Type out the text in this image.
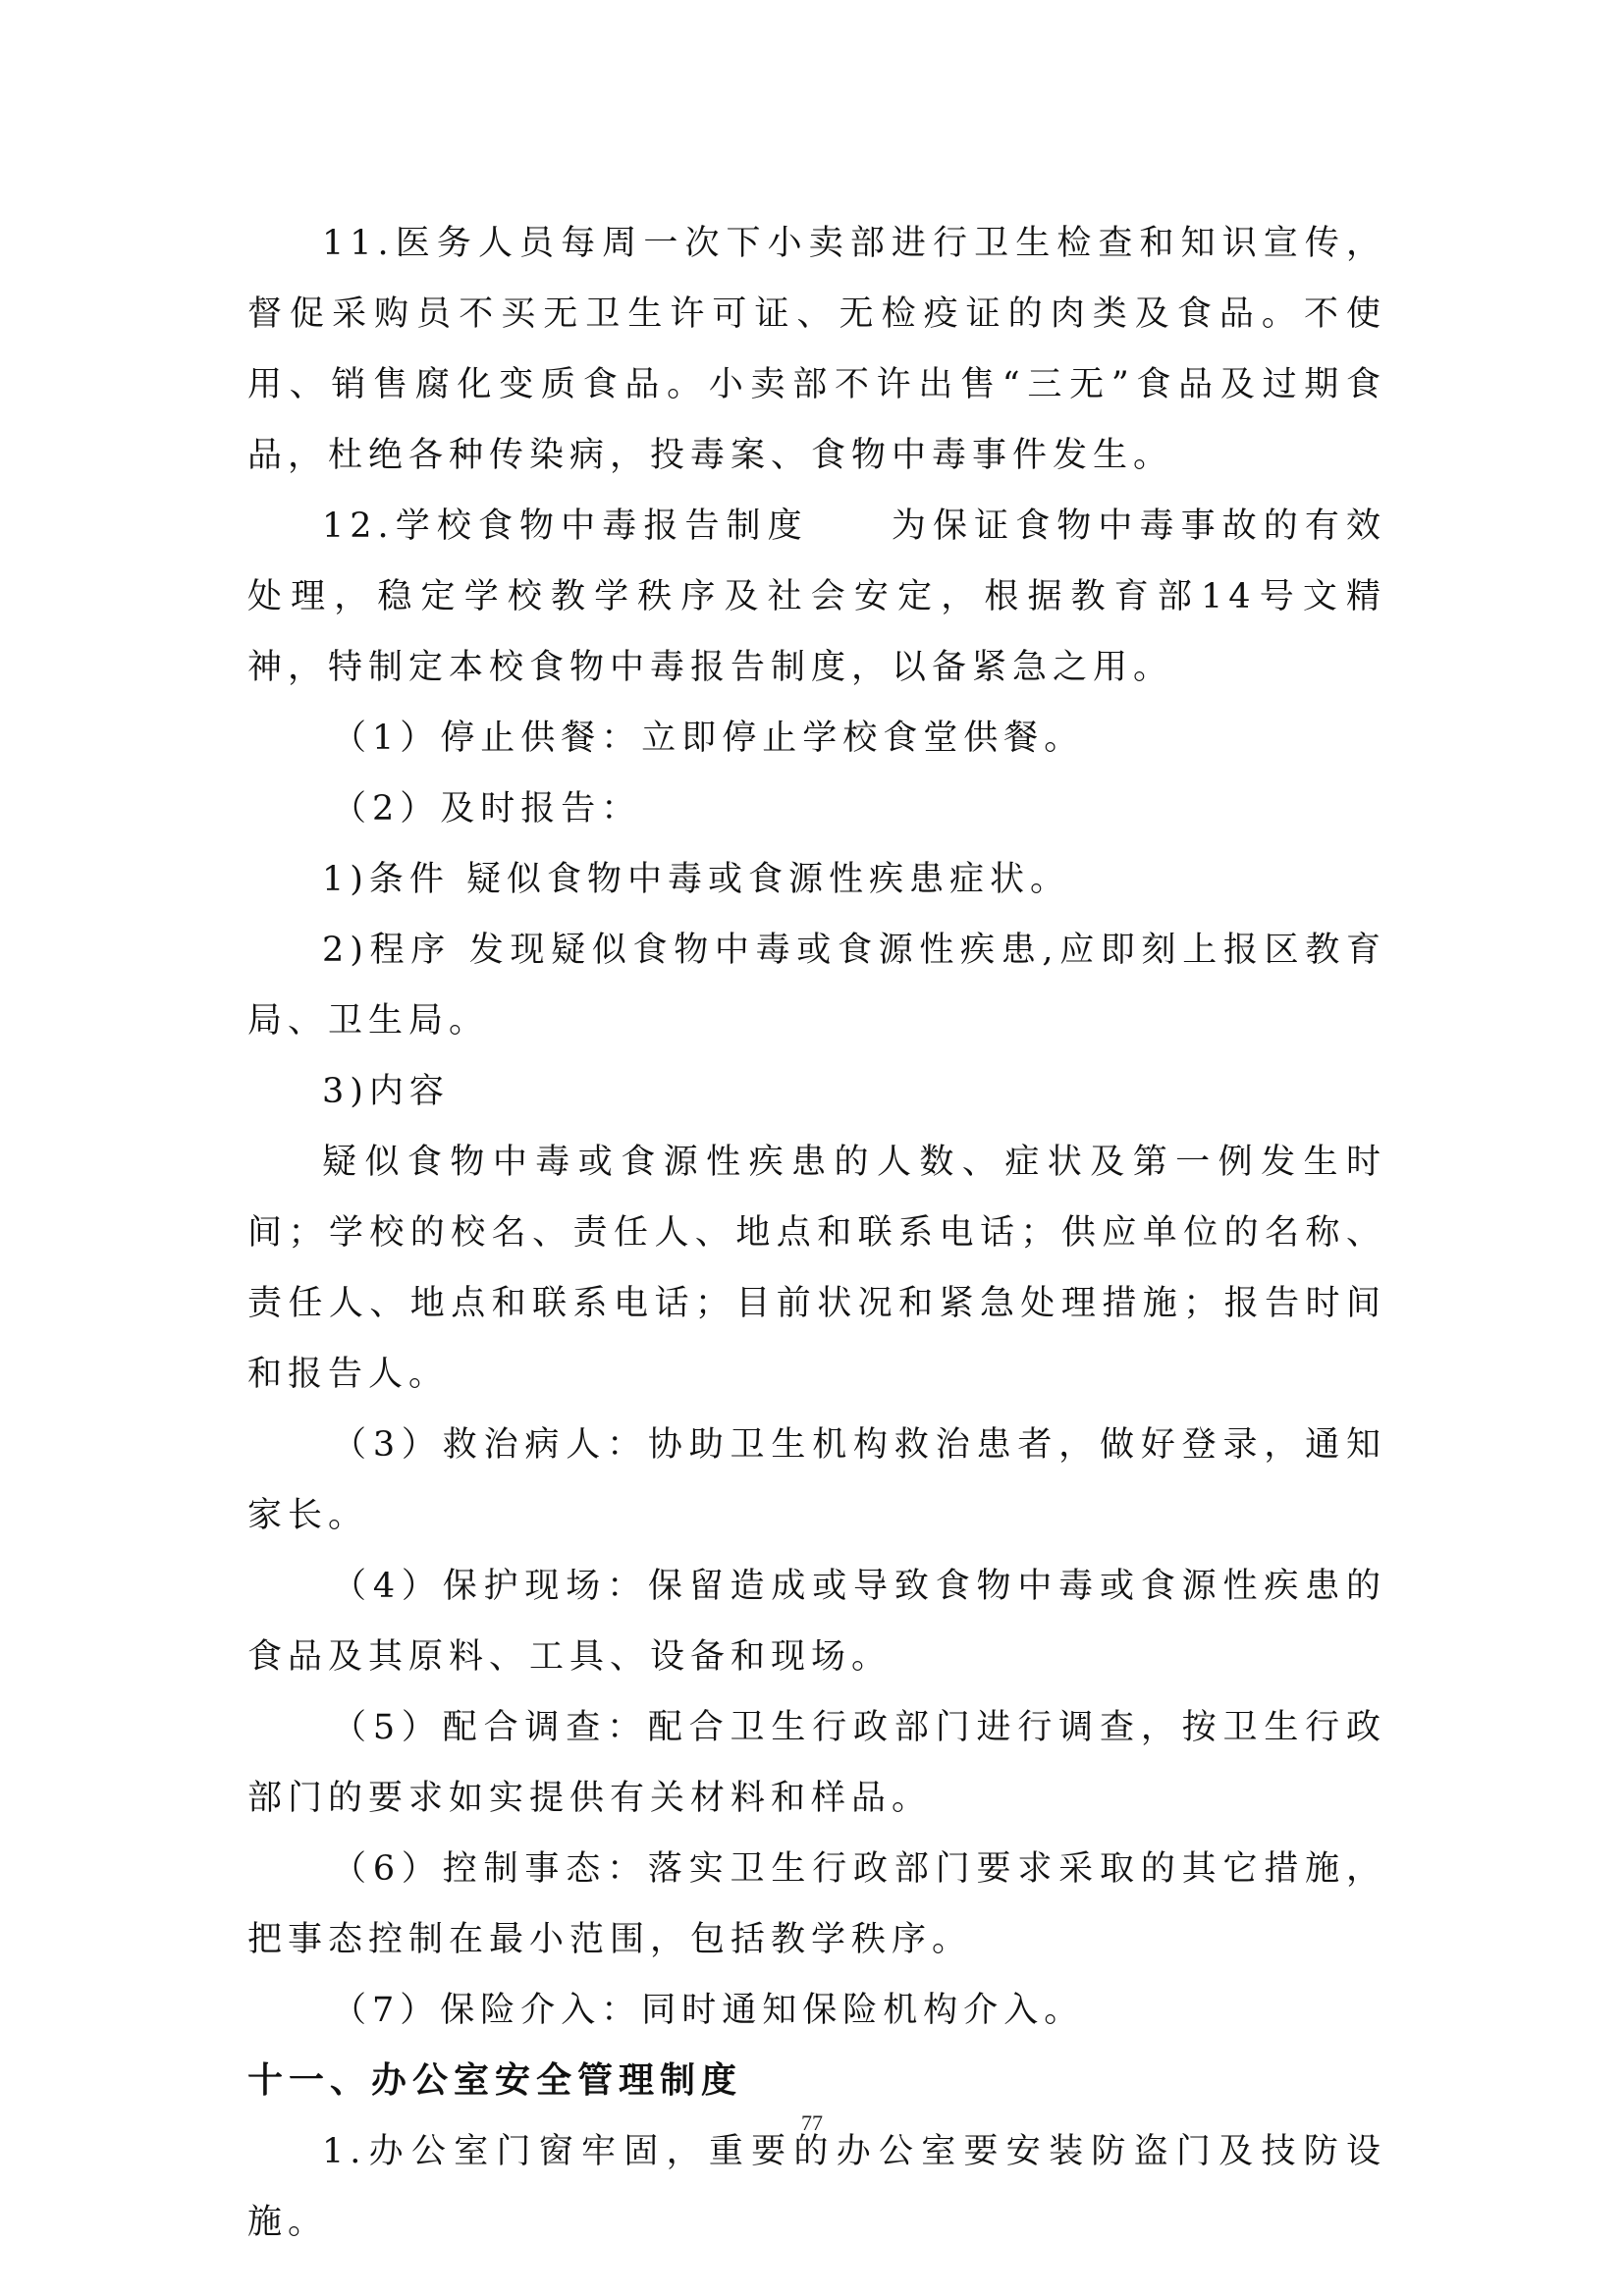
11.医务人员每周一次下小卖部进行卫生检查和知识宣传，督促采购员不买无卫生许可证、无检疫证的肉类及食品。不使用、销售腐化变质食品。小卖部不许出售“三无”食品及过期食品，杜绝各种传染病，投毒案、食物中毒事件发生。

12.学校食物中毒报告制度　　为保证食物中毒事故的有效处理，稳定学校教学秩序及社会安定，根据教育部14号文精神，特制定本校食物中毒报告制度，以备紧急之用。

（1）停止供餐：立即停止学校食堂供餐。

（2）及时报告：

1)条件 疑似食物中毒或食源性疾患症状。

2)程序 发现疑似食物中毒或食源性疾患,应即刻上报区教育局、卫生局。

3)内容

疑似食物中毒或食源性疾患的人数、症状及第一例发生时间；学校的校名、责任人、地点和联系电话；供应单位的名称、责任人、地点和联系电话；目前状况和紧急处理措施；报告时间和报告人。

（3）救治病人：协助卫生机构救治患者，做好登录，通知家长。

（4）保护现场：保留造成或导致食物中毒或食源性疾患的食品及其原料、工具、设备和现场。

（5）配合调查：配合卫生行政部门进行调查，按卫生行政部门的要求如实提供有关材料和样品。

（6）控制事态：落实卫生行政部门要求采取的其它措施，把事态控制在最小范围，包括教学秩序。

（7）保险介入：同时通知保险机构介入。

十一、办公室安全管理制度

1.办公室门窗牢固，重要的办公室要安装防盗门及技防设施。

77
